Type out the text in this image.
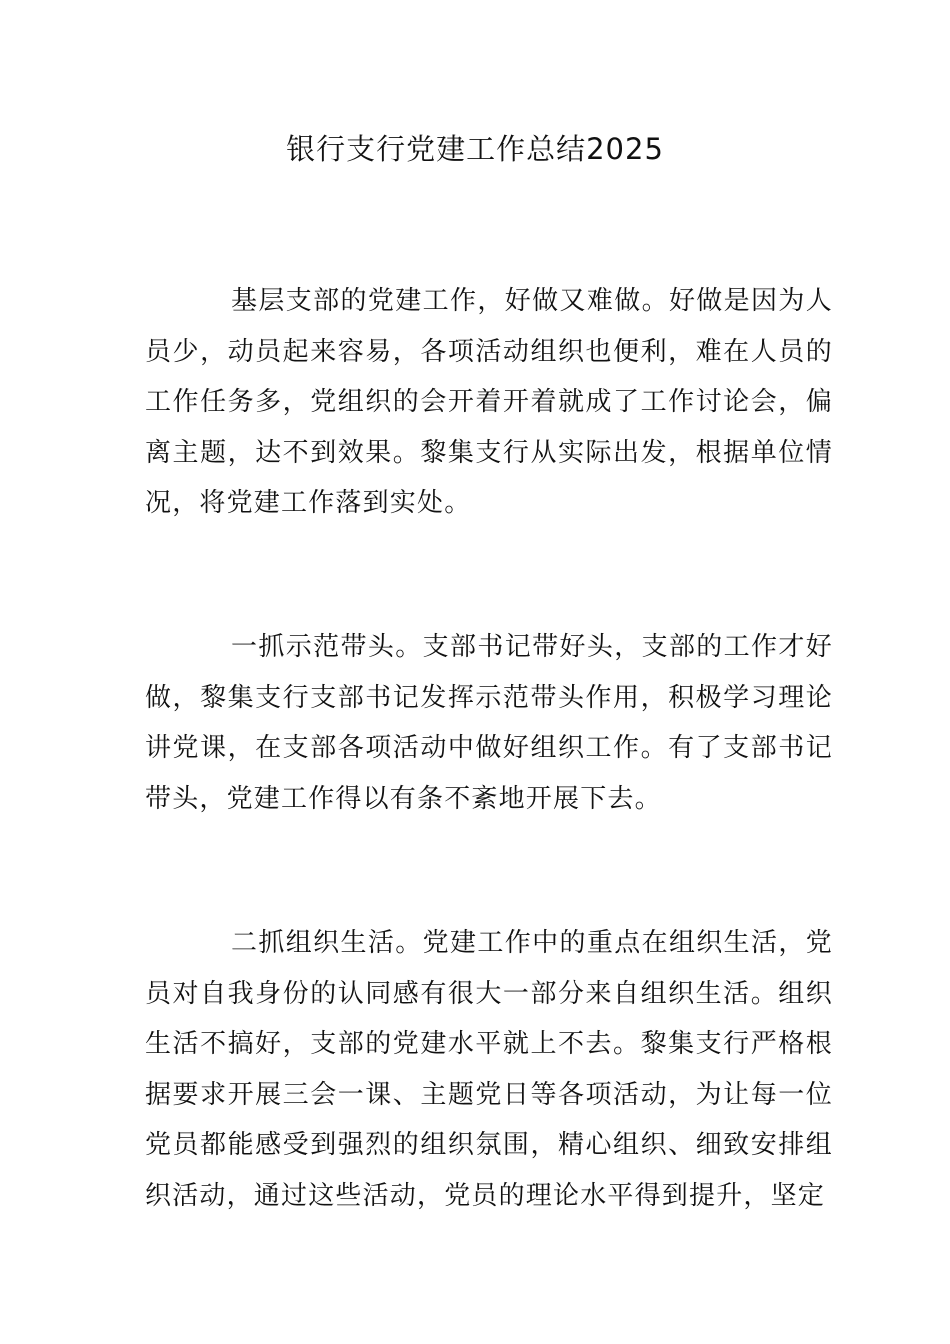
银行支行党建工作总结2025

基层支部的党建工作，好做又难做。好做是因为人员少，动员起来容易，各项活动组织也便利，难在人员的工作任务多，党组织的会开着开着就成了工作讨论会，偏离主题，达不到效果。黎集支行从实际出发，根据单位情况，将党建工作落到实处。

一抓示范带头。支部书记带好头，支部的工作才好做，黎集支行支部书记发挥示范带头作用，积极学习理论讲党课，在支部各项活动中做好组织工作。有了支部书记带头，党建工作得以有条不紊地开展下去。

二抓组织生活。党建工作中的重点在组织生活，党员对自我身份的认同感有很大一部分来自组织生活。组织生活不搞好，支部的党建水平就上不去。黎集支行严格根据要求开展三会一课、主题党日等各项活动，为让每一位党员都能感受到强烈的组织氛围，精心组织、细致安排组织活动，通过这些活动，党员的理论水平得到提升，坚定
